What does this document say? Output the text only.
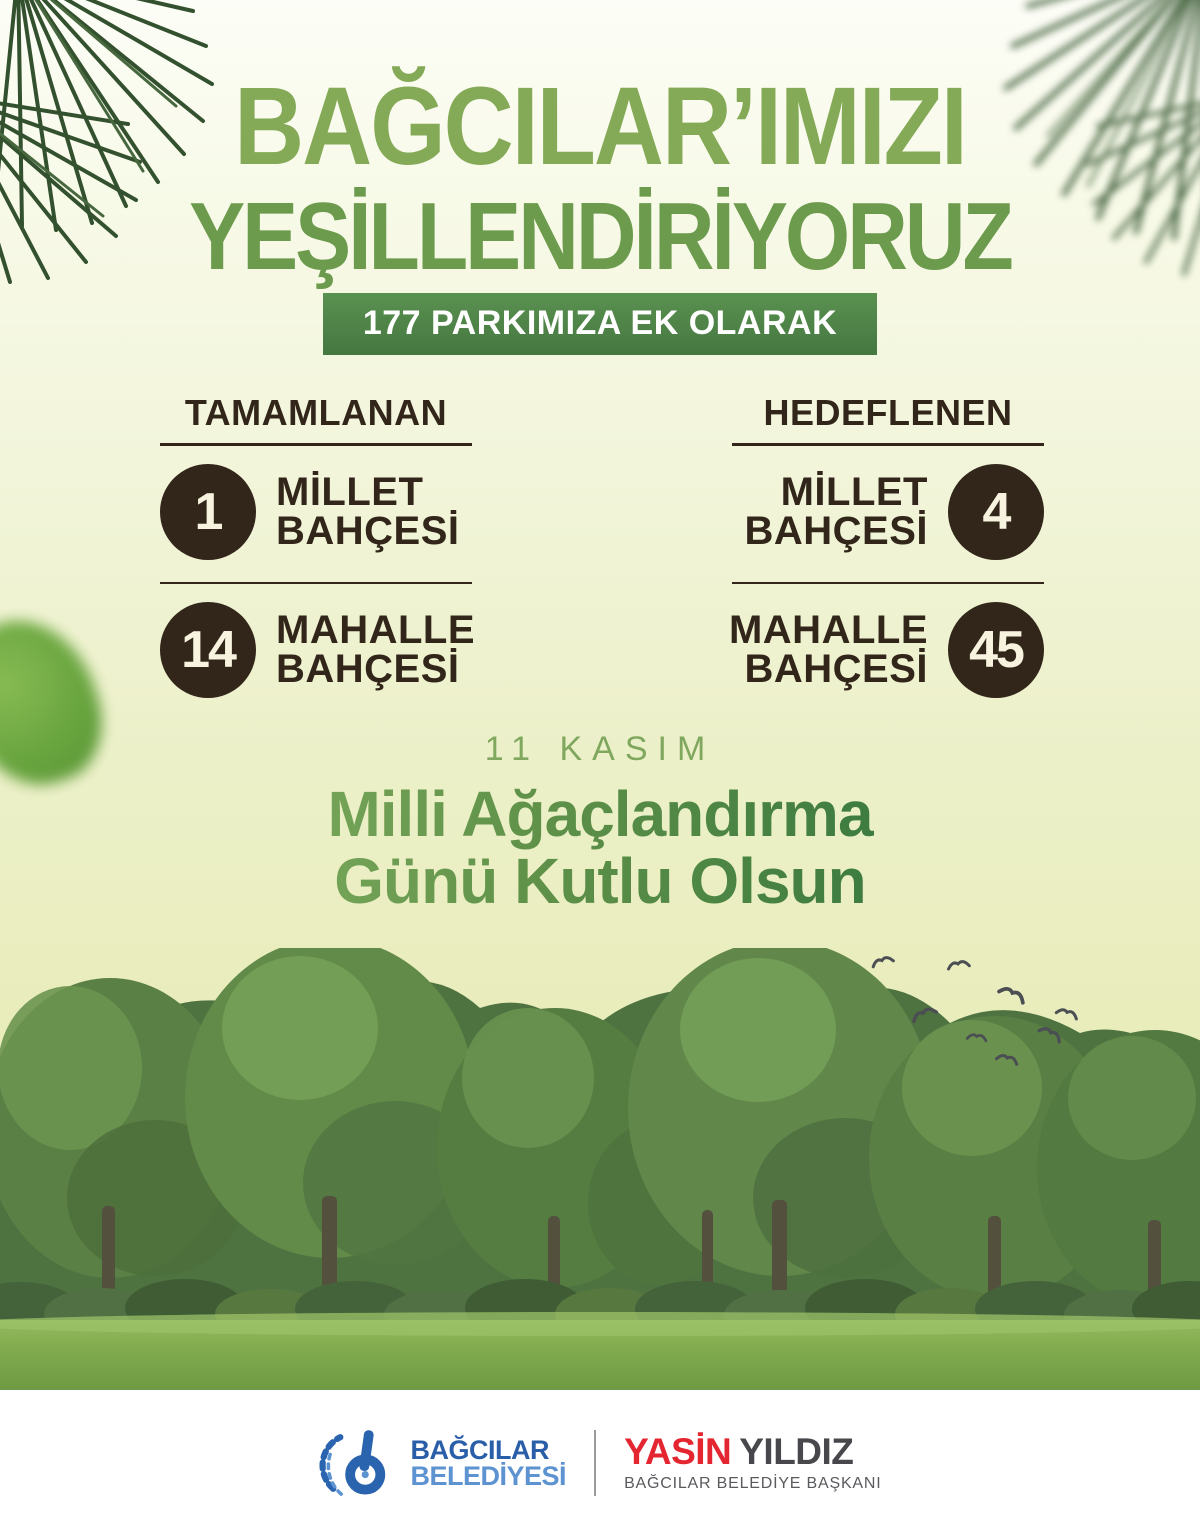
BAĞCILAR’IMIZI
YEŞİLLENDİRİYORUZ
177 PARKIMIZA EK OLARAK
TAMAMLANAN
1	MİLLET
BAHÇESİ
14	MAHALLE
BAHÇESİ
HEDEFLENEN
MİLLET
BAHÇESİ	4
MAHALLE
BAHÇESİ 45
11 KASIM
Milli Ağaçlandırma
Günü Kutlu Olsun
BAĞCILAR
BELEDİYESİ
YASİN YILDIZ
BAĞCILAR BELEDİYE BAŞKANI
